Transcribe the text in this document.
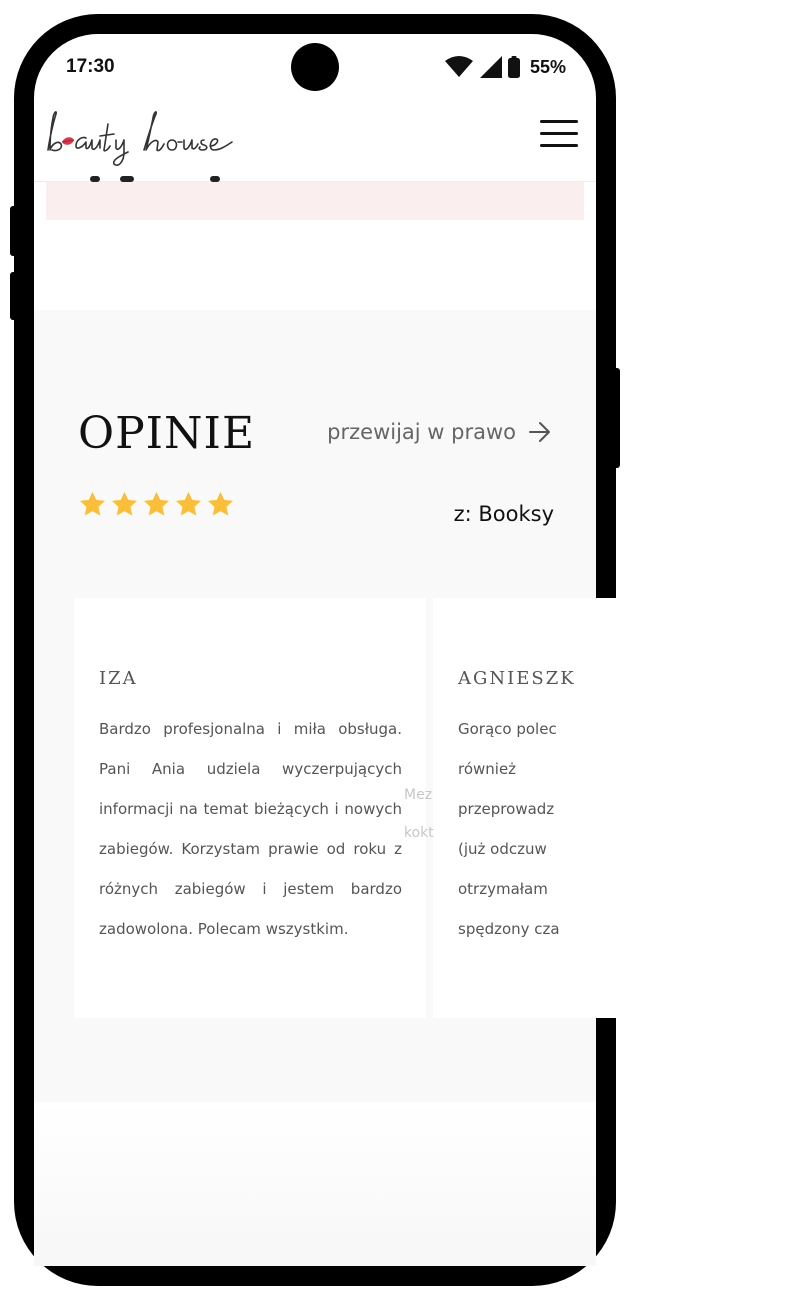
17:30	55%
OPINIE	przewijaj w prawo
z: Booksy
IZA

Bardzo profesjonalna i miła obsługa. Pani Ania udziela wyczerpujących informacji na temat bieżących i nowych zabiegów. Korzystam prawie od roku z różnych zabiegów i jestem bardzo zadowolona. Polecam wszystkim.

AGNIESZK
Gorąco polec
również
przeprowadz
(już odczuw
otrzymałam
spędzony cza
Mez
kokt
